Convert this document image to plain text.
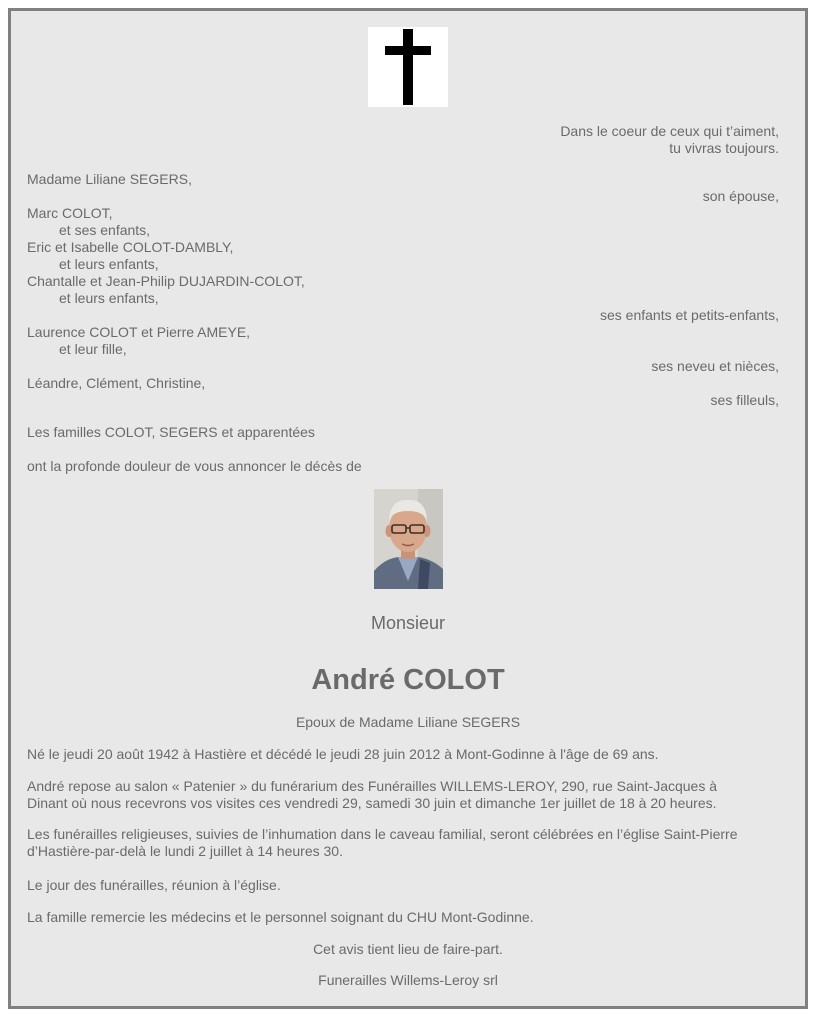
Dans le coeur de ceux qui t’aiment,
tu vivras toujours.
Madame Liliane SEGERS,
son épouse,
Marc COLOT,
et ses enfants,
Eric et Isabelle COLOT-DAMBLY,
et leurs enfants,
Chantalle et Jean-Philip DUJARDIN-COLOT,
et leurs enfants,
ses enfants et petits-enfants,
Laurence COLOT et Pierre AMEYE,
et leur fille,
ses neveu et nièces,
Léandre, Clément, Christine,
ses filleuls,
Les familles COLOT, SEGERS et apparentées
ont la profonde douleur de vous annoncer le décès de
Monsieur
André COLOT
Epoux de Madame Liliane SEGERS
Né le jeudi 20 août 1942 à Hastière et décédé le jeudi 28 juin 2012 à Mont-Godinne à l'âge de 69 ans.
André repose au salon « Patenier » du funérarium des Funérailles WILLEMS-LEROY, 290, rue Saint-Jacques à
Dinant où nous recevrons vos visites ces vendredi 29, samedi 30 juin et dimanche 1er juillet de 18 à 20 heures.
Les funérailles religieuses, suivies de l’inhumation dans le caveau familial, seront célébrées en l’église Saint-Pierre
d’Hastière-par-delà le lundi 2 juillet à 14 heures 30.
Le jour des funérailles, réunion à l’église.
La famille remercie les médecins et le personnel soignant du CHU Mont-Godinne.
Cet avis tient lieu de faire-part.
Funerailles Willems-Leroy srl
